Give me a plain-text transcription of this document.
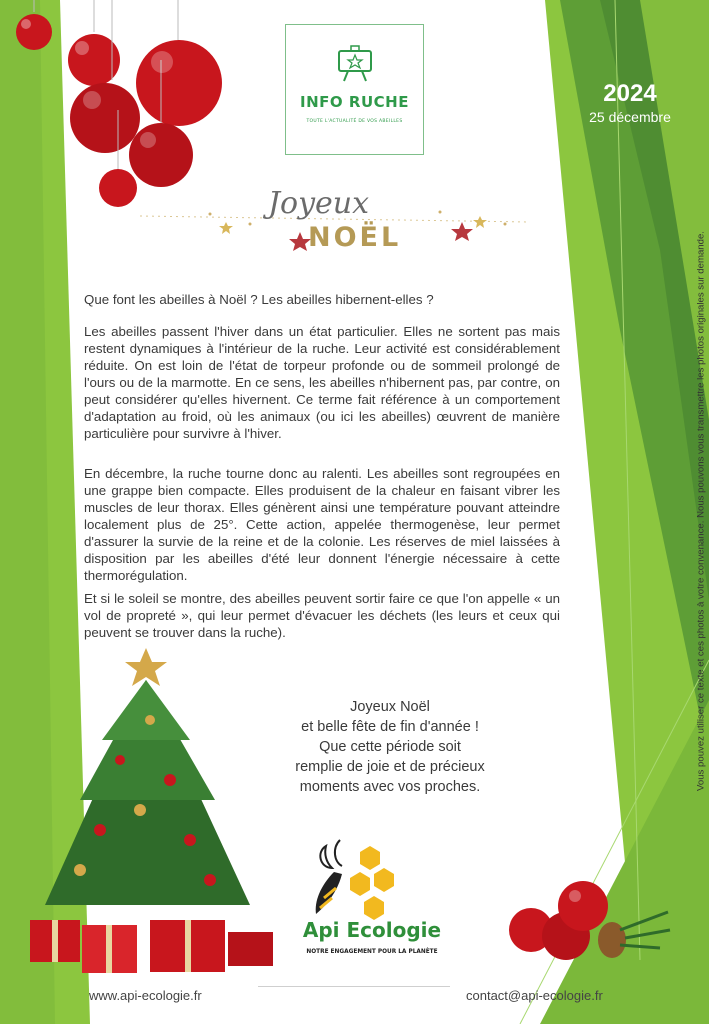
INFO RUCHE
TOUTE L'ACTUALITÉ DE VOS ABEILLES
2024
25 décembre
Vous pouvez utiliser ce texte et ces photos à votre convenance. Nous pouvons vous transmettre les photos originales sur demande.
Joyeux
NOËL

Que font les abeilles à Noël ? Les abeilles hibernent-elles ?

Les abeilles passent l'hiver dans un état particulier. Elles ne sortent pas mais restent dynamiques à l'intérieur de la ruche. Leur activité est considérablement réduite. On est loin de l'état de torpeur profonde ou de sommeil prolongé de l'ours ou de la marmotte. En ce sens, les abeilles n'hibernent pas, par contre, on peut considérer qu'elles hivernent. Ce terme fait référence à un comportement d'adaptation au froid, où les animaux (ou ici les abeilles) œuvrent de manière particulière pour survivre à l'hiver.

En décembre, la ruche tourne donc au ralenti. Les abeilles sont regroupées en une grappe bien compacte. Elles produisent de la chaleur en faisant vibrer les muscles de leur thorax. Elles génèrent ainsi une température pouvant atteindre localement plus de 25°. Cette action, appelée thermogenèse, leur permet d'assurer la survie de la reine et de la colonie. Les réserves de miel laissées à disposition par les abeilles d'été leur donnent l'énergie nécessaire à cette thermorégulation.

Et si le soleil se montre, des abeilles peuvent sortir faire ce que l'on appelle « un vol de propreté », qui leur permet d'évacuer les déchets (les leurs et ceux qui peuvent se trouver dans la ruche).

Joyeux Noël
et belle fête de fin d'année !
Que cette période soit
remplie de joie et de précieux
moments avec vos proches.
Api Ecologie
NOTRE ENGAGEMENT POUR LA PLANÈTE
www.api-ecologie.fr	contact@api-ecologie.fr
